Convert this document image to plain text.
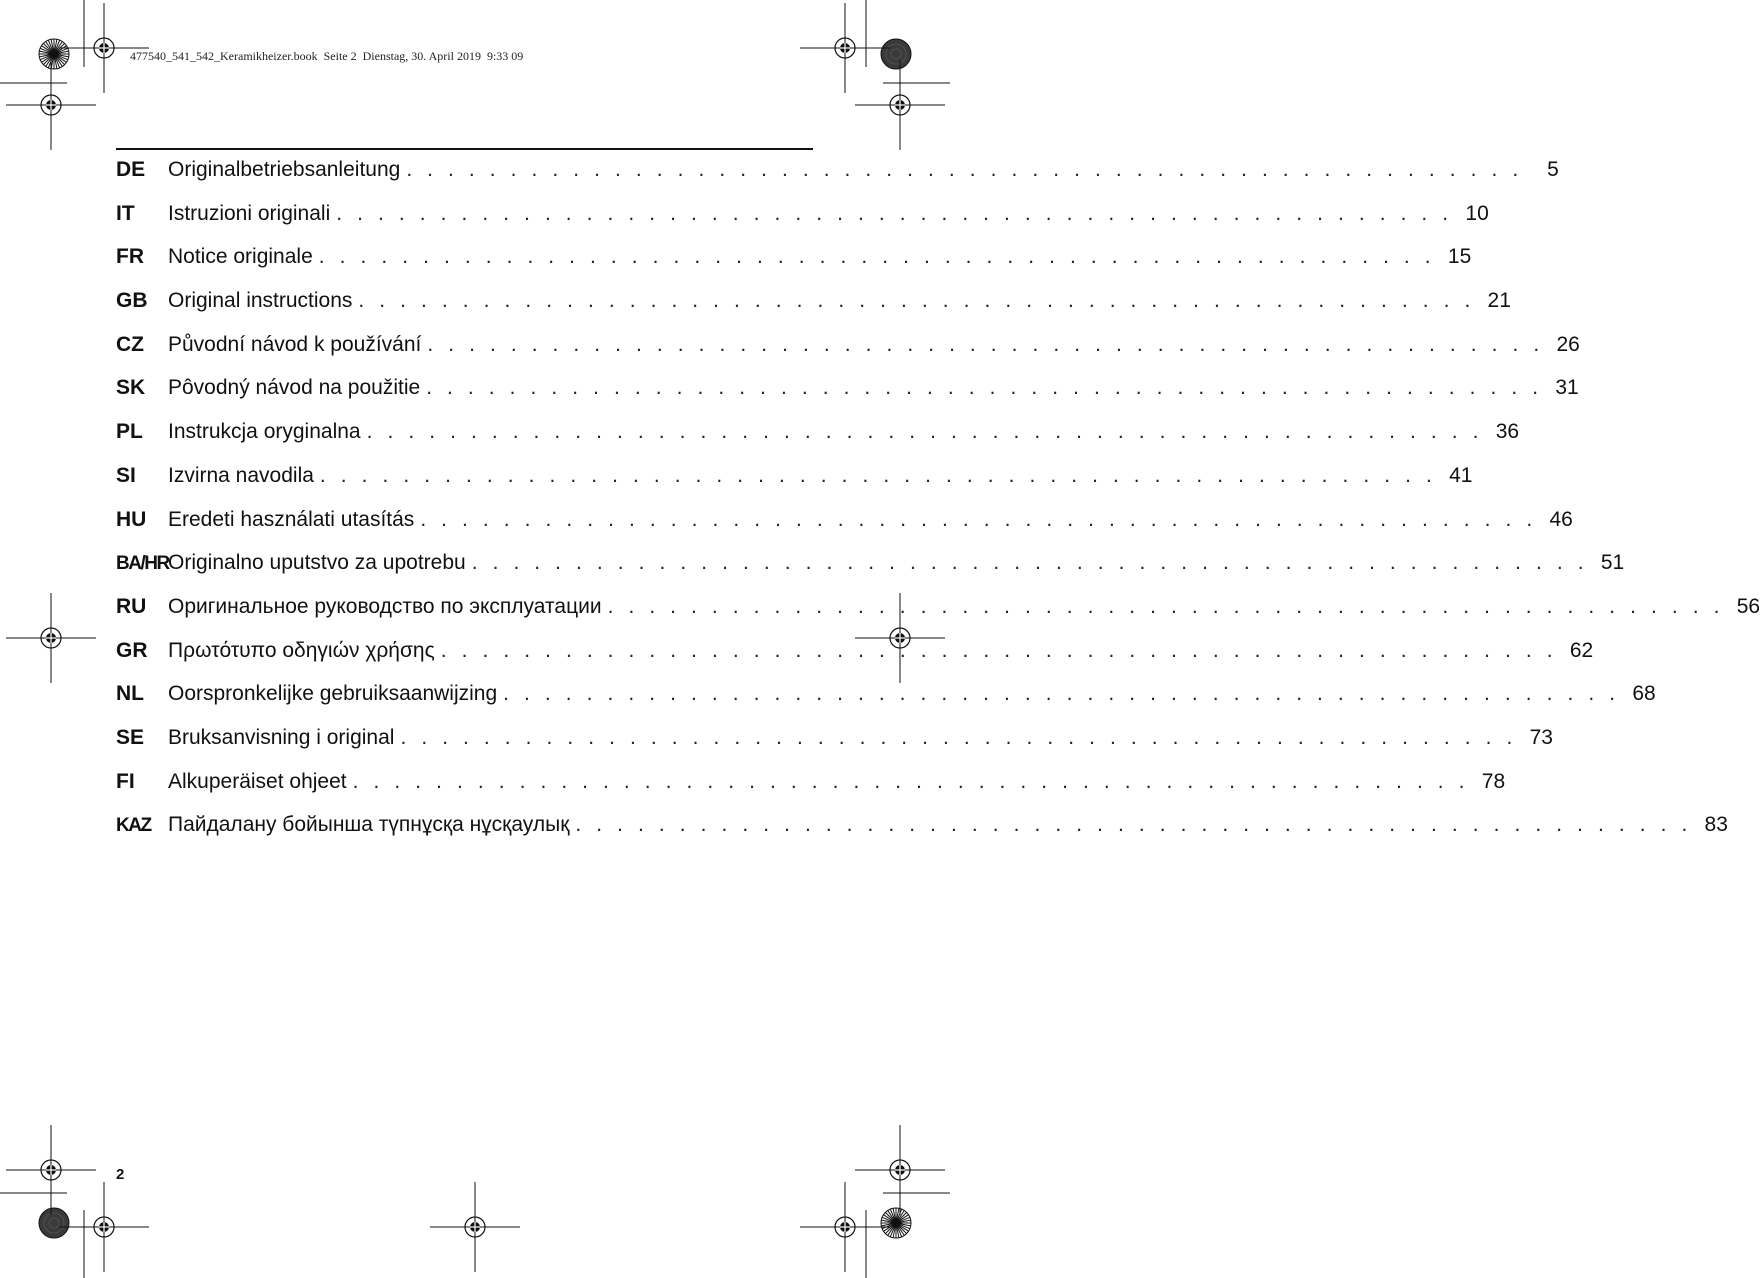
477540_541_542_Keramikheizer.book  Seite 2  Dienstag, 30. April 2019  9:33 09

DE	Originalbetriebsanleitung . . . . . . . . . . . . . . . . . . . . . . . . . . . . . . . . . . . . . . . . . . . . . . . . . . . . . .	5
IT	Istruzioni originali . . . . . . . . . . . . . . . . . . . . . . . . . . . . . . . . . . . . . . . . . . . . . . . . . . . . . . 10
FR	Notice originale . . . . . . . . . . . . . . . . . . . . . . . . . . . . . . . . . . . . . . . . . . . . . . . . . . . . . . 15
GB Original instructions . . . . . . . . . . . . . . . . . . . . . . . . . . . . . . . . . . . . . . . . . . . . . . . . . . . . . . 21
CZ	Původní návod k používání . . . . . . . . . . . . . . . . . . . . . . . . . . . . . . . . . . . . . . . . . . . . . . . . . . . . . . 26
SK	Pôvodný návod na použitie . . . . . . . . . . . . . . . . . . . . . . . . . . . . . . . . . . . . . . . . . . . . . . . . . . . . . . 31
PL	Instrukcja oryginalna . . . . . . . . . . . . . . . . . . . . . . . . . . . . . . . . . . . . . . . . . . . . . . . . . . . . . . 36
SI	Izvirna navodila . . . . . . . . . . . . . . . . . . . . . . . . . . . . . . . . . . . . . . . . . . . . . . . . . . . . . . 41
HU	Eredeti használati utasítás . . . . . . . . . . . . . . . . . . . . . . . . . . . . . . . . . . . . . . . . . . . . . . . . . . . . . . 46
BA/HR Originalno uputstvo za upotrebu . . . . . . . . . . . . . . . . . . . . . . . . . . . . . . . . . . . . . . . . . . . . . . . . . . . . . . 51
RU	Оригинальное руководство по эксплуатации . . . . . . . . . . . . . . . . . . . . . . . . . . . . . . . . . . . . . . . . . . . . . . . . . . . . . . 56
GR Πρωτότυπο οδηγιών χρήσης . . . . . . . . . . . . . . . . . . . . . . . . . . . . . . . . . . . . . . . . . . . . . . . . . . . . . . 62
NL	Oorspronkelijke gebruiksaanwijzing . . . . . . . . . . . . . . . . . . . . . . . . . . . . . . . . . . . . . . . . . . . . . . . . . . . . . . 68
SE	Bruksanvisning i original . . . . . . . . . . . . . . . . . . . . . . . . . . . . . . . . . . . . . . . . . . . . . . . . . . . . . . 73
FI	Alkuperäiset ohjeet . . . . . . . . . . . . . . . . . . . . . . . . . . . . . . . . . . . . . . . . . . . . . . . . . . . . . . 78
KAZ Пайдалану бойынша түпнұсқа нұсқаулық . . . . . . . . . . . . . . . . . . . . . . . . . . . . . . . . . . . . . . . . . . . . . . . . . . . . . . 83

2
